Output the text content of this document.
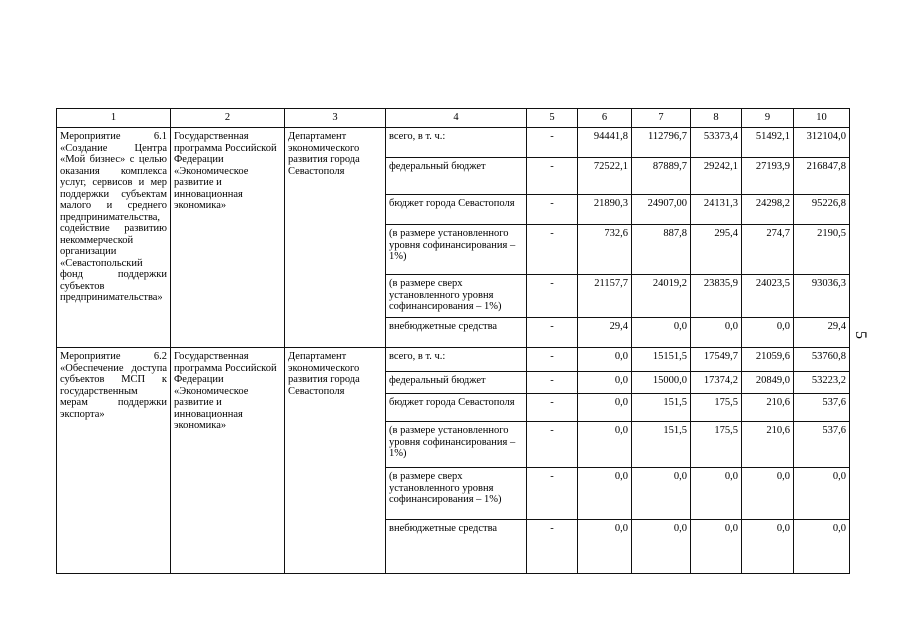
5
1	2	3	4	5	6	7	8	9	10
Мероприятие 6.1 «Создание Центра «Мой бизнес» с целью оказания комплекса услуг, сервисов и мер поддержки субъектам малого и среднего предпринимательства, содействие развитию некоммерческой организации «Севастопольский фонд поддержки субъектов предпринимательства»	Государственная программа Российской Федерации «Экономическое развитие и инновационная экономика»	Департамент экономического развития города Севастополя	всего, в т. ч.:	-	94441,8	112796,7	53373,4	51492,1	312104,0
			федеральный бюджет	-	72522,1	87889,7	29242,1	27193,9	216847,8
			бюджет города Севастополя	-	21890,3	24907,00	24131,3	24298,2	95226,8
			(в размере установленного уровня софинансирования – 1%)	-	732,6	887,8	295,4	274,7	2190,5
			(в размере сверх установленного уровня софинансирования – 1%)	-	21157,7	24019,2	23835,9	24023,5	93036,3
			внебюджетные средства	-	29,4	0,0	0,0	0,0	29,4
Мероприятие 6.2 «Обеспечение доступа субъектов МСП к государственным мерам поддержки экспорта»	Государственная программа Российской Федерации «Экономическое развитие и инновационная экономика»	Департамент экономического развития города Севастополя	всего, в т. ч.:	-	0,0	15151,5	17549,7	21059,6	53760,8
			федеральный бюджет	-	0,0	15000,0	17374,2	20849,0	53223,2
			бюджет города Севастополя	-	0,0	151,5	175,5	210,6	537,6
			(в размере установленного уровня софинансирования – 1%)	-	0,0	151,5	175,5	210,6	537,6
			(в размере сверх установленного уровня софинансирования – 1%)	-	0,0	0,0	0,0	0,0	0,0
			внебюджетные средства	-	0,0	0,0	0,0	0,0	0,0
